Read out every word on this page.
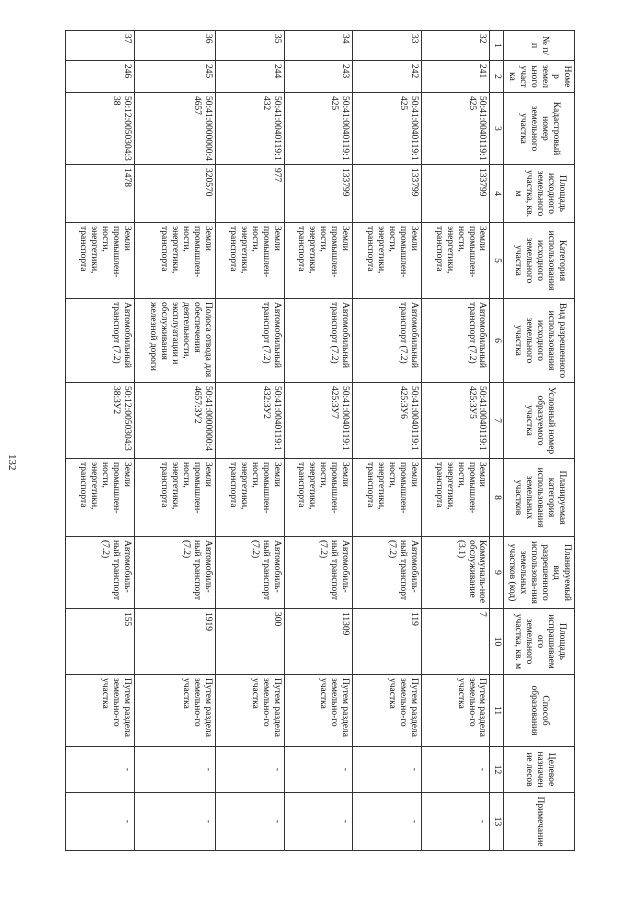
132
№ п/п	Номер земельного участка	Кадастровый номер земельного участка	Площадь исходного земельного участка, кв. м	Категория использования исходного земельного участка	Вид разрешенного использования исходного земельного участка	Условный номер образуемого участка	Планируемая категория использования земельных участков	Планируемый вид разрешенного использова-ния земельных участков (код)	Площадь испрашиваемого земельного участка, кв. м	Способ образования	Целевое назначение лесов	Примечание
1	2	3	4	5	6	7	8	9	10	11	12	13
32	241	50:41:0040119:1425	133799	Земли промышлен-ности, энергетики, транспорта	Автомобильный транспорт (7.2)	50:41:0040119:1425:ЗУ5	Земли промышлен-ности, энергетики, транспорта	Коммуналь-ное обслуживание (3.1)	7	Путем раздела земельно-го участка	-	-
33	242	50:41:0040119:1425	133799	Земли промышлен-ности, энергетики, транспорта	Автомобильный транспорт (7.2)	50:41:0040119:1425:ЗУ6	Земли промышлен-ности, энергетики, транспорта	Автомобиль-ный транспорт (7.2)	119	Путем раздела земельно-го участка	-	-
34	243	50:41:0040119:1425	133799	Земли промышлен-ности, энергетики, транспорта	Автомобильный транспорт (7.2)	50:41:0040119:1425:ЗУ7	Земли промышлен-ности, энергетики, транспорта	Автомобиль-ный транспорт (7.2)	11309	Путем раздела земельно-го участка	-	-
35	244	50:41:0040119:1432	977	Земли промышлен-ности, энергетики, транспорта	Автомобильный транспорт (7.2)	50:41:0040119:1432:ЗУ2	Земли промышлен-ности, энергетики, транспорта	Автомобиль-ный транспорт (7.2)	300	Путем раздела земельно-го участка	-	-
36	245	50:41:0000000:44657	320570	Земли промышлен-ности, энергетики, транспорта	Полоса отвода для обеспечения деятельности, эксплуатации и обслуживания железной дороги	50:41:0000000:44657:ЗУ2	Земли промышлен-ности, энергетики, транспорта	Автомобиль-ный транспорт (7.2)	1919	Путем раздела земельно-го участка	-	-
37	246	50:12:0050304:338	1478	Земли промышлен-ности, энергетики, транспорта	Автомобильный транспорт (7.2)	50:12:0050304:338:ЗУ2	Земли промышлен-ности, энергетики, транспорта	Автомобиль-ный транспорт (7.2)	155	Путем раздела земельно-го участка	-	-
